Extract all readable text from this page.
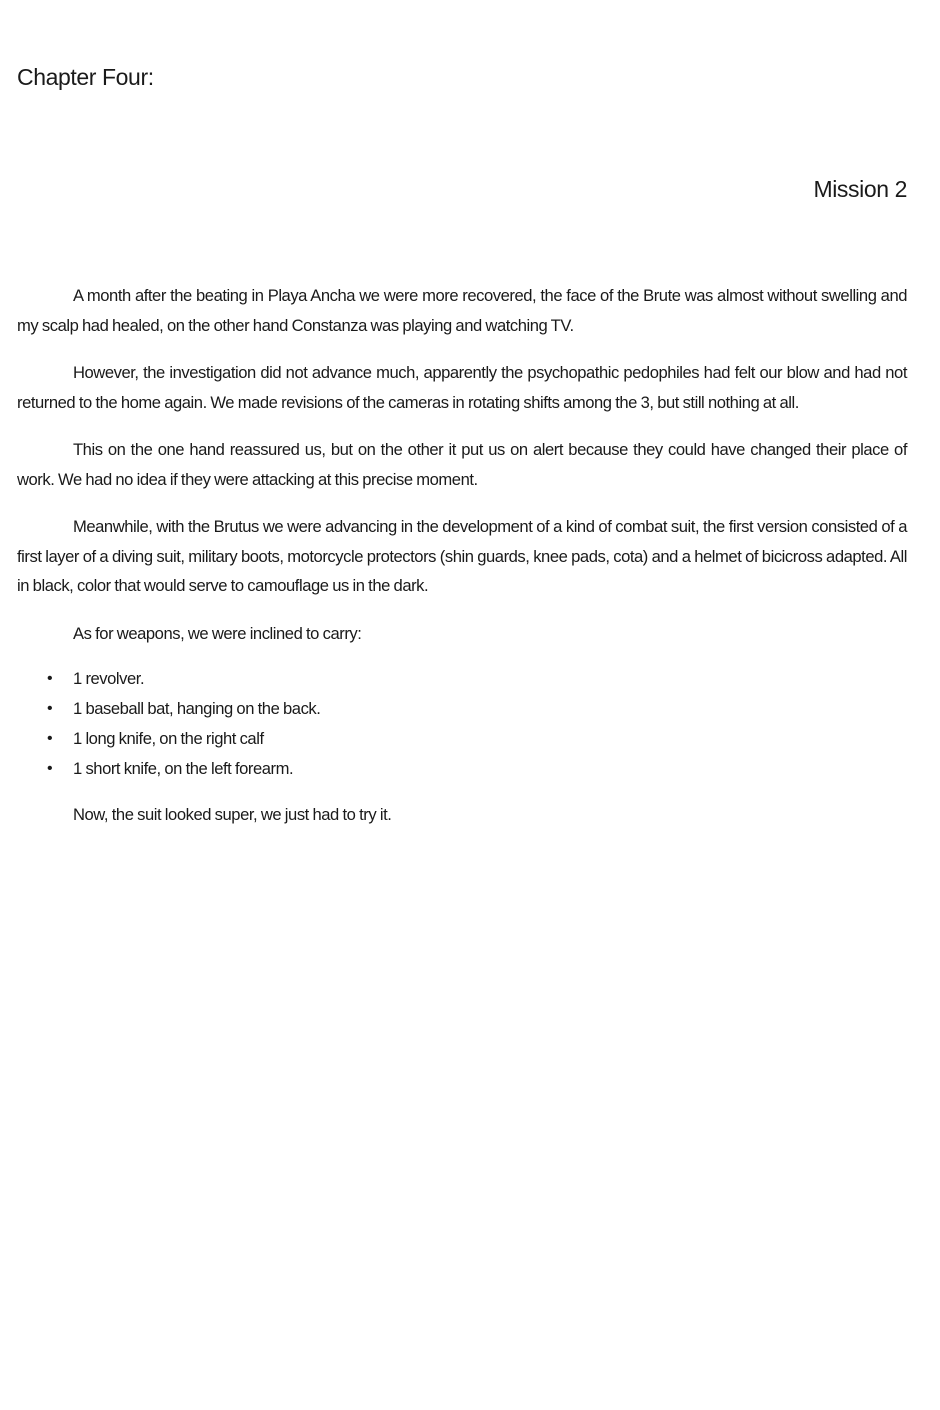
Chapter Four:
Mission 2

A month after the beating in Playa Ancha we were more recovered, the face of the Brute was almost without swelling and my scalp had healed, on the other hand Constanza was playing and watching TV.

However, the investigation did not advance much, apparently the psychopathic pedophiles had felt our blow and had not returned to the home again. We made revisions of the cameras in rotating shifts among the 3, but still nothing at all.

This on the one hand reassured us, but on the other it put us on alert because they could have changed their place of work. We had no idea if they were attacking at this precise moment.

Meanwhile, with the Brutus we were advancing in the development of a kind of combat suit, the first version consisted of a first layer of a diving suit, military boots, motorcycle protectors (shin guards, knee pads, cota) and a helmet of bicicross adapted. All in black, color that would serve to camouflage us in the dark.

As for weapons, we were inclined to carry:

• 1 revolver.
• 1 baseball bat, hanging on the back.
• 1 long knife, on the right calf
• 1 short knife, on the left forearm.

Now, the suit looked super, we just had to try it.
